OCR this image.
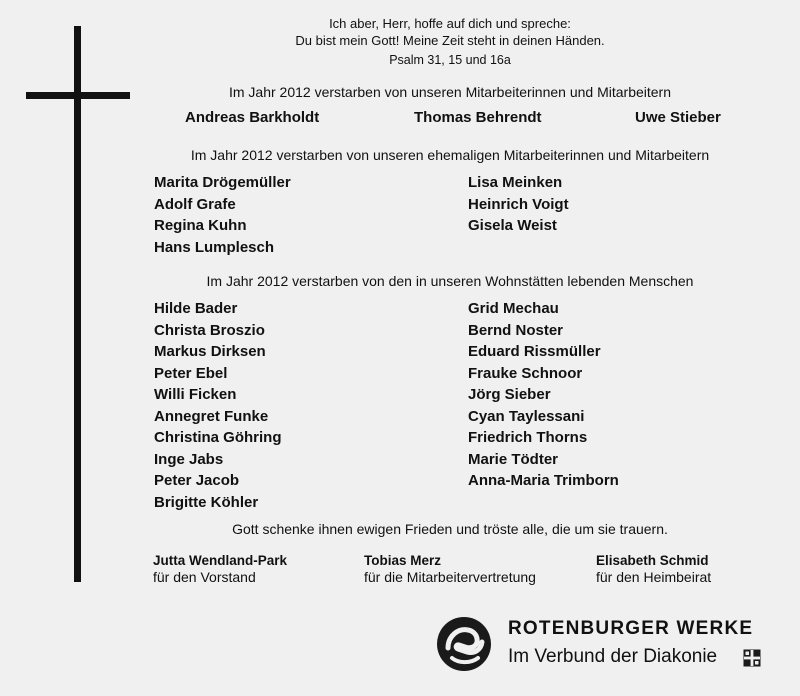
Ich aber, Herr, hoffe auf dich und spreche:
Du bist mein Gott! Meine Zeit steht in deinen Händen.
Psalm 31, 15 und 16a
Im Jahr 2012 verstarben von unseren Mitarbeiterinnen und Mitarbeitern
Andreas Barkholdt	Thomas Behrendt	Uwe Stieber
Im Jahr 2012 verstarben von unseren ehemaligen Mitarbeiterinnen und Mitarbeitern
Marita Drögemüller
Adolf Grafe
Regina Kuhn
Hans Lumplesch
Lisa Meinken
Heinrich Voigt
Gisela Weist
Im Jahr 2012 verstarben von den in unseren Wohnstätten lebenden Menschen
Hilde Bader
Christa Broszio
Markus Dirksen
Peter Ebel
Willi Ficken
Annegret Funke
Christina Göhring
Inge Jabs
Peter Jacob
Brigitte Köhler
Grid Mechau
Bernd Noster
Eduard Rissmüller
Frauke Schnoor
Jörg Sieber
Cyan Taylessani
Friedrich Thorns
Marie Tödter
Anna-Maria Trimborn
Gott schenke ihnen ewigen Frieden und tröste alle, die um sie trauern.
Jutta Wendland-Park
für den Vorstand
Tobias Merz
für die Mitarbeitervertretung
Elisabeth Schmid
für den Heimbeirat
ROTENBURGER WERKE
Im Verbund der Diakonie
